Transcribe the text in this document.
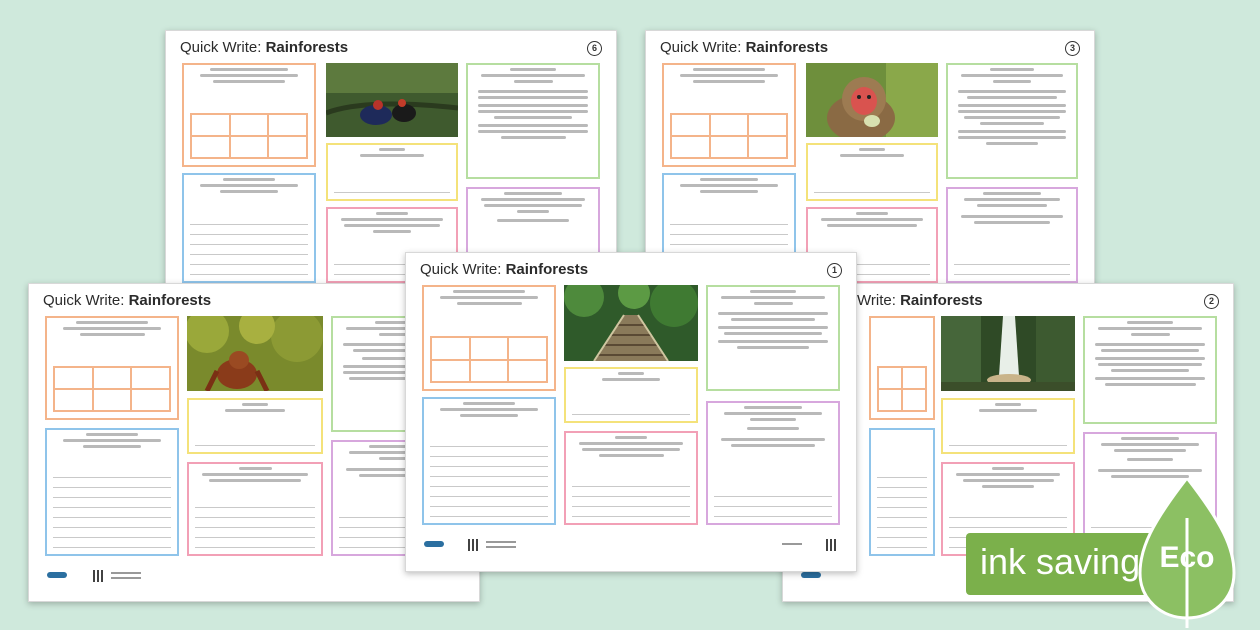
Quick Write: Rainforests	6	Quick Write: Rainforests	3
Quick Write: Rainforests	Write: Rainforests	2
Quick Write: Rainforests	1
ink saving Eco
